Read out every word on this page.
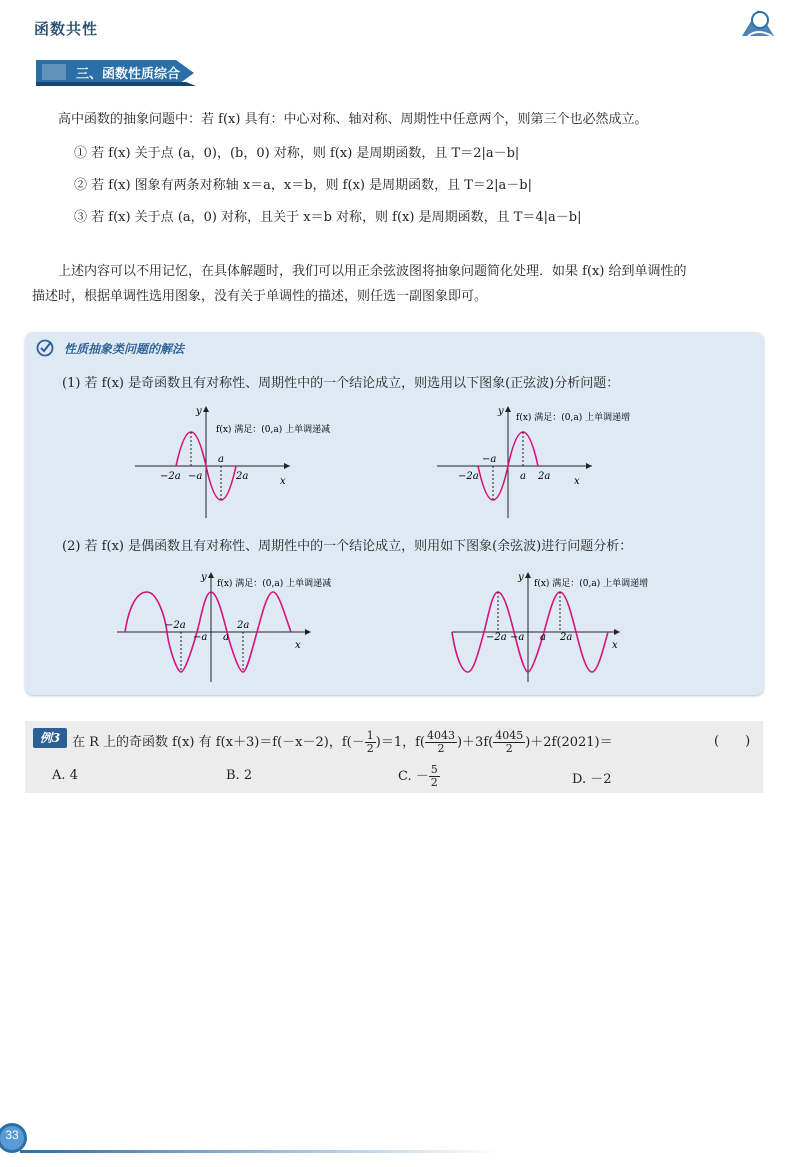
函数共性
三、函数性质综合
高中函数的抽象问题中：若 f(x) 具有：中心对称、轴对称、周期性中任意两个，则第三个也必然成立。
① 若 f(x) 关于点 (a，0)，(b，0) 对称，则 f(x) 是周期函数，且 T＝2|a－b|
② 若 f(x) 图象有两条对称轴 x＝a，x＝b，则 f(x) 是周期函数，且 T＝2|a－b|
③ 若 f(x) 关于点 (a，0) 对称，且关于 x＝b 对称，则 f(x) 是周期函数，且 T＝4|a－b|
上述内容可以不用记忆，在具体解题时，我们可以用正余弦波图将抽象问题简化处理．如果 f(x) 给到单调性的
描述时，根据单调性选用图象，没有关于单调性的描述，则任选一副图象即可。
性质抽象类问题的解法
(1) 若 f(x) 是奇函数且有对称性、周期性中的一个结论成立，则选用以下图象(正弦波)分析问题：
(2) 若 f(x) 是偶函数且有对称性、周期性中的一个结论成立，则用如下图象(余弦波)进行问题分析：
y
x
a
−2a −a	2a
f(x) 满足：(0,a) 上单调递减
y
x
−a
−2a	a 2a
f(x) 满足：(0,a) 上单调递增
y
x
−2a
−a
2a
a
f(x) 满足：(0,a) 上单调递减
y
x
−2a −a a 2a
f(x) 满足：(0,a) 上单调递增
例3 在 R 上的奇函数 f(x) 有 f(x＋3)＝f(－x－2)，$f(- \frac{1}{2} )=1$，$f( \frac{4043}{2} )+3f( \frac{4045}{2} )+2f(2021)=$	(　　)
A. 4	B. 2	C. － $\frac{5}{2}$	D. －2
33
